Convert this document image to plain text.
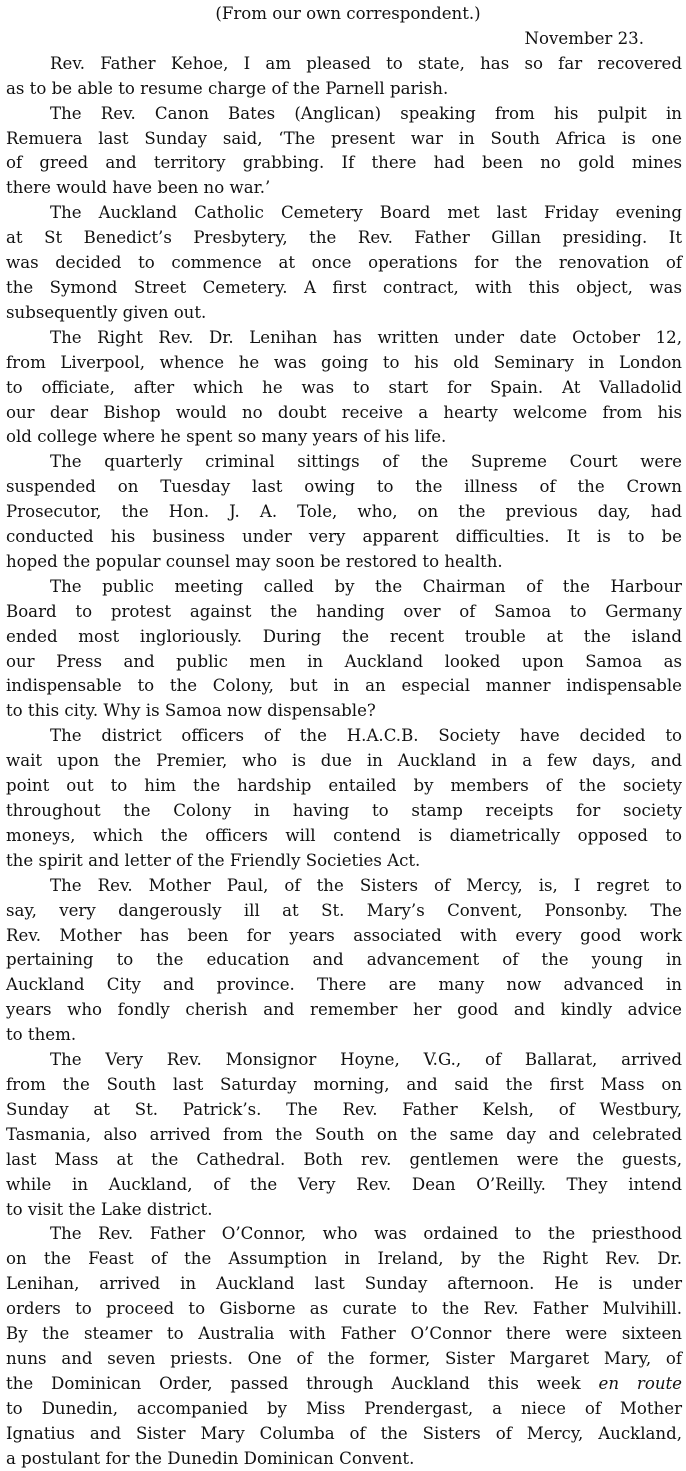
(From our own correspondent.)
November 23.

Rev. Father Kehoe, I am pleased to state, has so far recovered
as to be able to resume charge of the Parnell parish.

The Rev. Canon Bates (Anglican) speaking from his pulpit in
Remuera last Sunday said, ‘The present war in South Africa is one
of greed and territory grabbing. If there had been no gold mines
there would have been no war.’

The Auckland Catholic Cemetery Board met last Friday evening
at St Benedict’s Presbytery, the Rev. Father Gillan presiding. It
was decided to commence at once operations for the renovation of
the Symond Street Cemetery. A first contract, with this object, was
subsequently given out.

The Right Rev. Dr. Lenihan has written under date October 12,
from Liverpool, whence he was going to his old Seminary in London
to officiate, after which he was to start for Spain. At Valladolid
our dear Bishop would no doubt receive a hearty welcome from his
old college where he spent so many years of his life.

The quarterly criminal sittings of the Supreme Court were
suspended on Tuesday last owing to the illness of the Crown
Prosecutor, the Hon. J. A. Tole, who, on the previous day, had
conducted his business under very apparent difficulties. It is to be
hoped the popular counsel may soon be restored to health.

The public meeting called by the Chairman of the Harbour
Board to protest against the handing over of Samoa to Germany
ended most ingloriously. During the recent trouble at the island
our Press and public men in Auckland looked upon Samoa as
indispensable to the Colony, but in an especial manner indispensable
to this city. Why is Samoa now dispensable?

The district officers of the H.A.C.B. Society have decided to
wait upon the Premier, who is due in Auckland in a few days, and
point out to him the hardship entailed by members of the society
throughout the Colony in having to stamp receipts for society
moneys, which the officers will contend is diametrically opposed to
the spirit and letter of the Friendly Societies Act.

The Rev. Mother Paul, of the Sisters of Mercy, is, I regret to
say, very dangerously ill at St. Mary’s Convent, Ponsonby. The
Rev. Mother has been for years associated with every good work
pertaining to the education and advancement of the young in
Auckland City and province. There are many now advanced in
years who fondly cherish and remember her good and kindly advice
to them.

The Very Rev. Monsignor Hoyne, V.G., of Ballarat, arrived
from the South last Saturday morning, and said the first Mass on
Sunday at St. Patrick’s. The Rev. Father Kelsh, of Westbury,
Tasmania, also arrived from the South on the same day and celebrated
last Mass at the Cathedral. Both rev. gentlemen were the guests,
while in Auckland, of the Very Rev. Dean O’Reilly. They intend
to visit the Lake district.

The Rev. Father O’Connor, who was ordained to the priesthood
on the Feast of the Assumption in Ireland, by the Right Rev. Dr.
Lenihan, arrived in Auckland last Sunday afternoon. He is under
orders to proceed to Gisborne as curate to the Rev. Father Mulvihill.
By the steamer to Australia with Father O’Connor there were sixteen
nuns and seven priests. One of the former, Sister Margaret Mary, of
the Dominican Order, passed through Auckland this week en route
to Dunedin, accompanied by Miss Prendergast, a niece of Mother
Ignatius and Sister Mary Columba of the Sisters of Mercy, Auckland,
a postulant for the Dunedin Dominican Convent.
